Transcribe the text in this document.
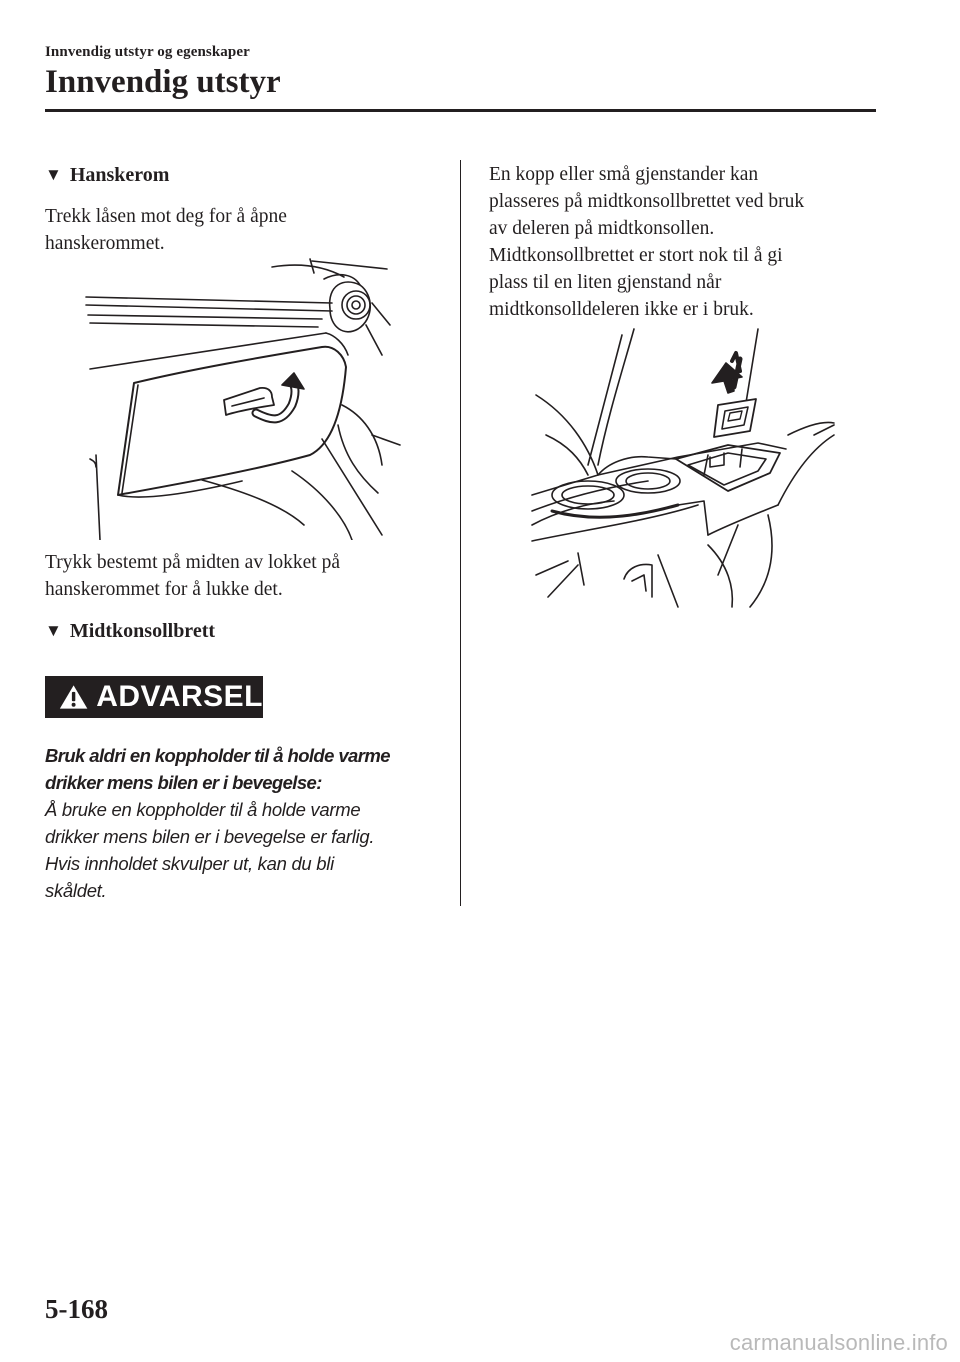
Innvendig utstyr og egenskaper
Innvendig utstyr
▼ Hanskerom
Trekk låsen mot deg for å åpne
hanskerommet.
Trykk bestemt på midten av lokket på
hanskerommet for å lukke det.
▼ Midtkonsollbrett
ADVARSEL
Bruk aldri en koppholder til å holde varme
drikker mens bilen er i bevegelse:
Å bruke en koppholder til å holde varme
drikker mens bilen er i bevegelse er farlig.
Hvis innholdet skvulper ut, kan du bli
skåldet.
En kopp eller små gjenstander kan
plasseres på midtkonsollbrettet ved bruk
av deleren på midtkonsollen.
Midtkonsollbrettet er stort nok til å gi
plass til en liten gjenstand når
midtkonsolldeleren ikke er i bruk.
5-168
carmanualsonline.info
